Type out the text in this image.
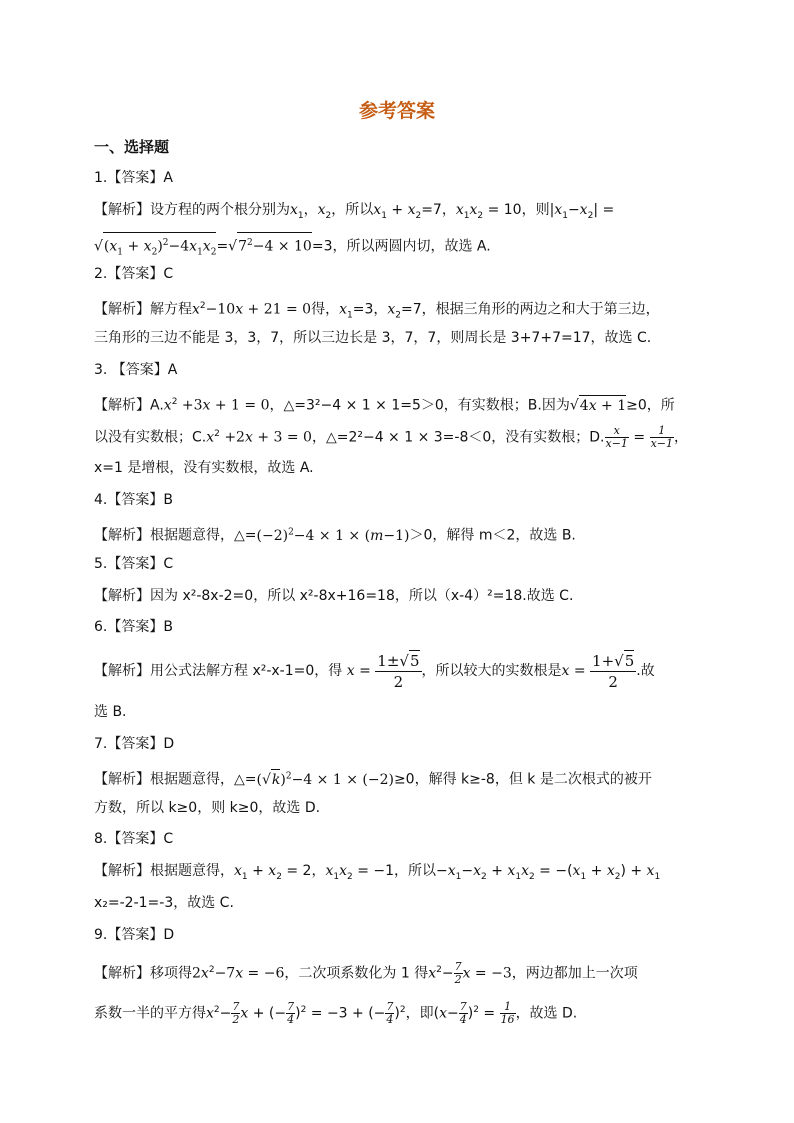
参考答案
一、选择题
1.【答案】A
【解析】设方程的两个根分别为$x_1$，$x_2$，所以$x_1 + x_2=7$，$x_1x_2 = 10$，则$|x_1-x_2|$ =
$√(x_1 + x_2)^2-4x_1x_2=√7^2-4 \times 10=3$，所以两圆内切，故选 A.
2.【答案】C
【解析】解方程$x^2-10x + 21 = 0$得，$x_1=3$，$x_2=7$，根据三角形的两边之和大于第三边，
三角形的三边不能是 3，3，7，所以三边长是 3，7，7，则周长是 3+7+7=17，故选 C.
3. 【答案】A
【解析】$A.x^2 +3x + 1 = 0$，△=3²−4 × 1 × 1=5＞0，有实数根；B.因为√4x + 1≥0，所
以没有实数根；$C.x^2 +2x + 3 = 0$，△=2²−4 × 1 × 3=-8＜0，没有实数根；D. $\frac{x}{x-1} = \frac{1}{x-1}$ ，
x=1 是增根，没有实数根，故选 A.
4.【答案】B
【解析】根据题意得，$\triangle=(-2)^2-4 \times 1 \times (m-1)>0$，解得 m＜2，故选 B.
5.【答案】C
【解析】因为 x²-8x-2=0，所以 x²-8x+16=18，所以（x-4）²=18.故选 C.
6.【答案】B
【解析】用公式法解方程 x²-x-1=0，得 $x = \frac{1\pm√5}{2}$ ，所以较大的实数根是$x = \frac{1+√5}{2}$ .故
选 B.
7.【答案】D
【解析】根据题意得，$\triangle=(√k)^2-4 \times 1 \times (-2)\ge 0$，解得 k≥-8，但 k 是二次根式的被开
方数，所以 k≥0，则 k≥0，故选 D.
8.【答案】C
【解析】根据题意得，$x_1 + x_2 = 2$，$x_1x_2 = -1$，所以$-x_1-x_2 + x_1x_2 = -(x_1 + x_2) + x_1$
x₂=-2-1=-3，故选 C.
9.【答案】D
【解析】移项得$2x^2-7x = -6$，二次项系数化为 1 得$x^2- \frac{7}{2}$ x = −3，两边都加上一次项
系数一半的平方得$x^2- \frac{7}{2}$ x + (− $\frac{7}{4} )^2 = -3$ + (− $\frac{7}{4} )^2$，即$(x- \frac{7}{4} )^2 = \frac{1}{16}$ ，故选 D.
